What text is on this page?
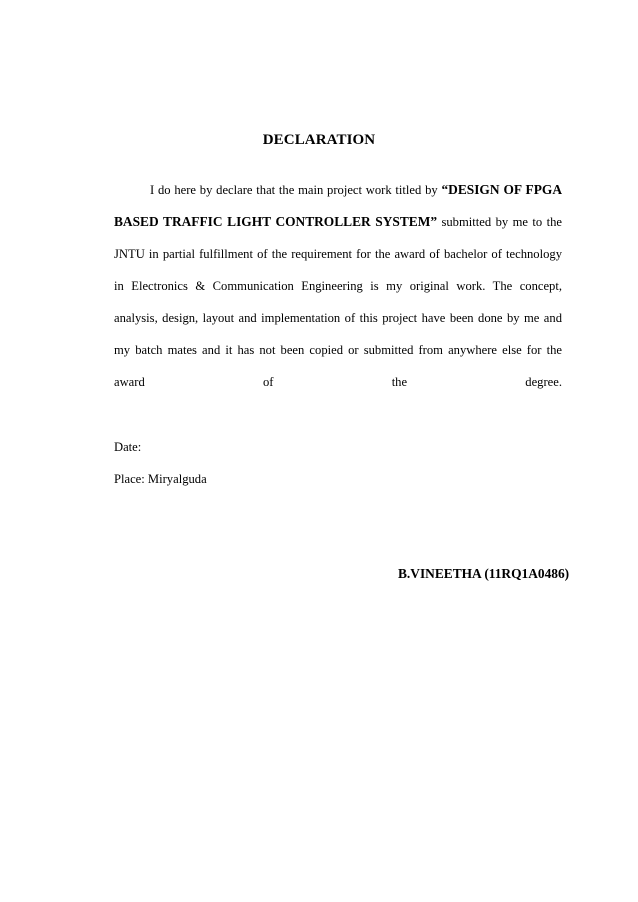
DECLARATION
I do here by declare that the main project work titled by “DESIGN OF FPGA
BASED TRAFFIC LIGHT CONTROLLER SYSTEM” submitted by me to the
JNTU in partial fulfillment of the requirement for the award of bachelor of technology
in Electronics & Communication Engineering is my original work. The concept,
analysis, design, layout and implementation of this project have been done by me and
my batch mates and it has not been copied or submitted from anywhere else for the
award of the degree.
Date:
Place: Miryalguda
B.VINEETHA (11RQ1A0486)
